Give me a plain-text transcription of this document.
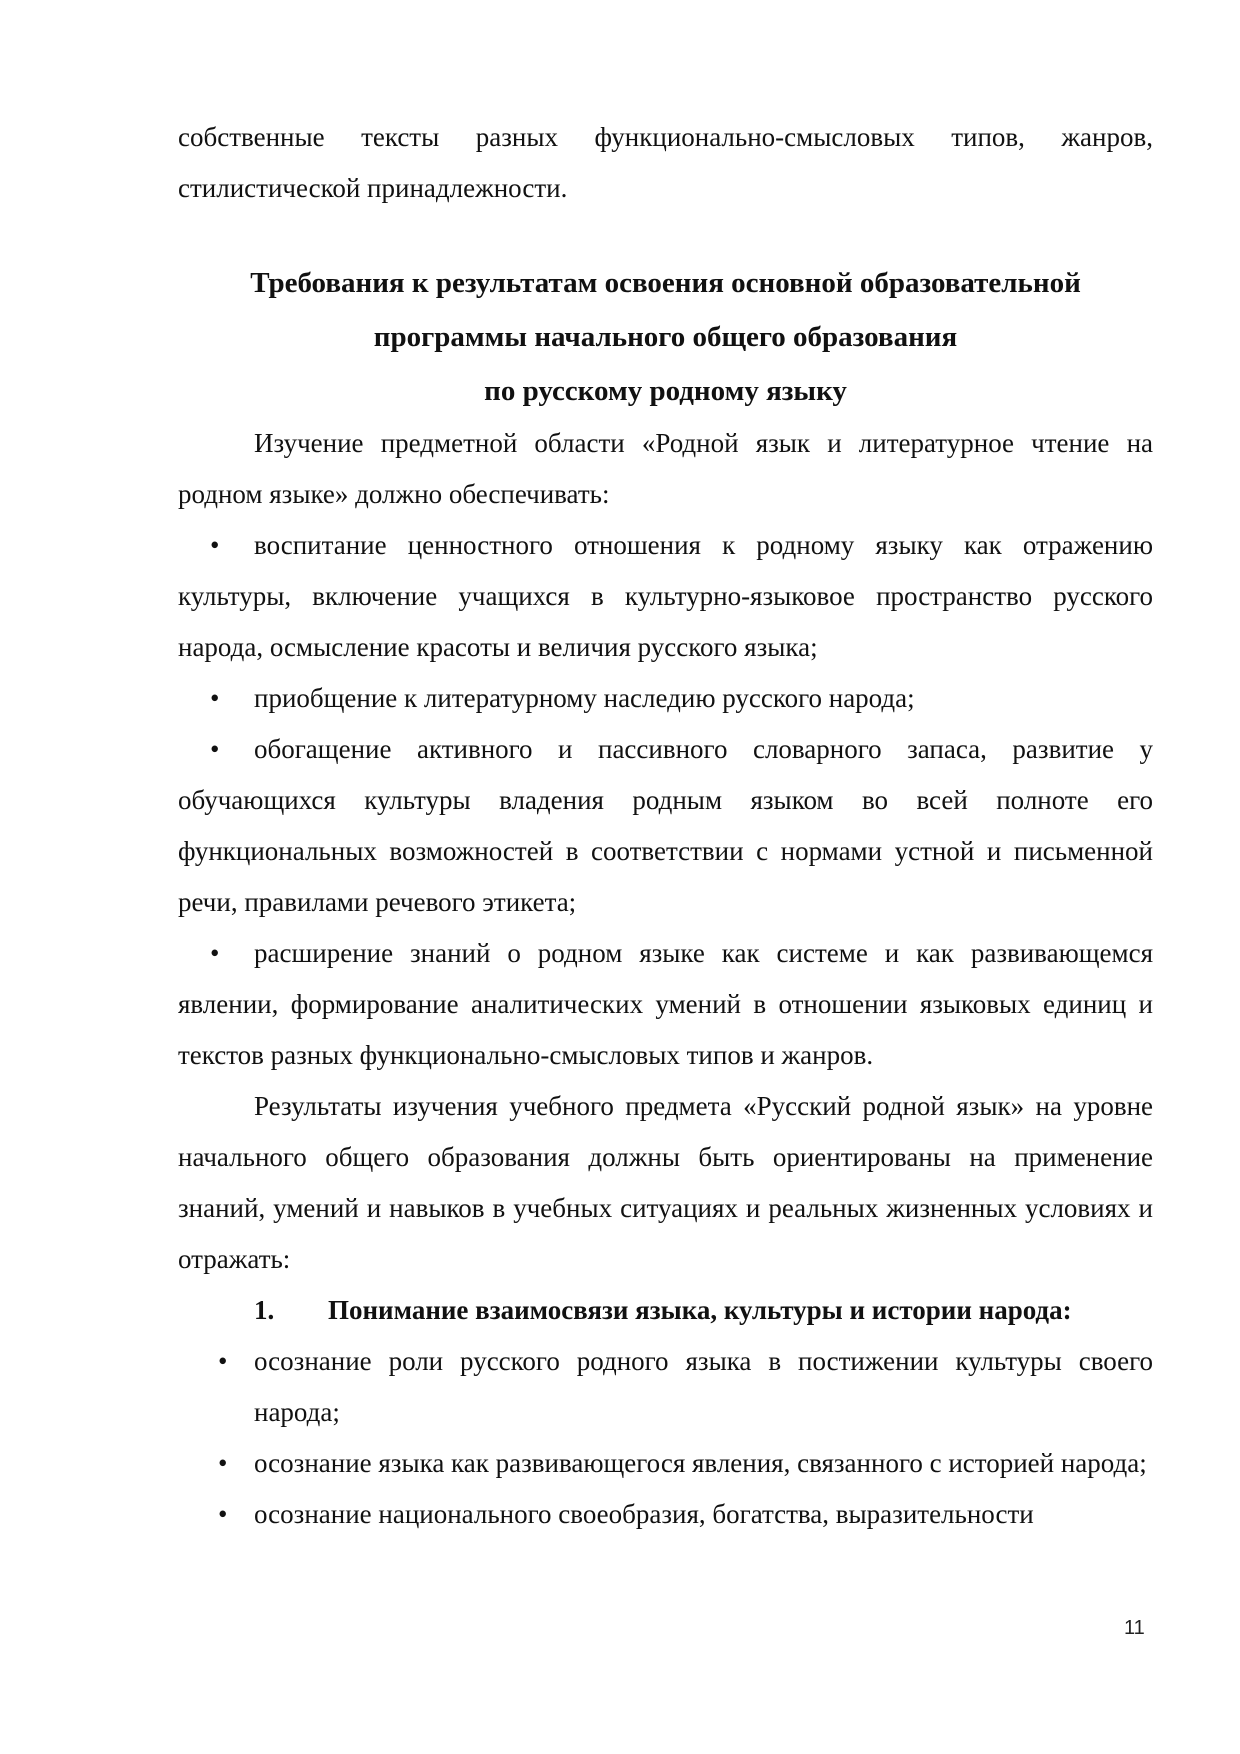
собственные тексты разных функционально-смысловых типов, жанров, стилистической принадлежности.

Требования к результатам освоения основной образовательной
программы начального общего образования
по русскому родному языку

Изучение предметной области «Родной язык и литературное чтение на родном языке» должно обеспечивать:

• воспитание ценностного отношения к родному языку как отражению культуры, включение учащихся в культурно-языковое пространство русского народа, осмысление красоты и величия русского языка;

• приобщение к литературному наследию русского народа;

• обогащение активного и пассивного словарного запаса, развитие у обучающихся культуры владения родным языком во всей полноте его функциональных возможностей в соответствии с нормами устной и письменной речи, правилами речевого этикета;

• расширение знаний о родном языке как системе и как развивающемся явлении, формирование аналитических умений в отношении языковых единиц и текстов разных функционально-смысловых типов и жанров.

Результаты изучения учебного предмета «Русский родной язык» на уровне начального общего образования должны быть ориентированы на применение знаний, умений и навыков в учебных ситуациях и реальных жизненных условиях и отражать:

1. Понимание взаимосвязи языка, культуры и истории народа:

• осознание роли русского родного языка в постижении культуры своего народа;

• осознание языка как развивающегося явления, связанного с историей народа;

• осознание национального своеобразия, богатства, выразительности

11
